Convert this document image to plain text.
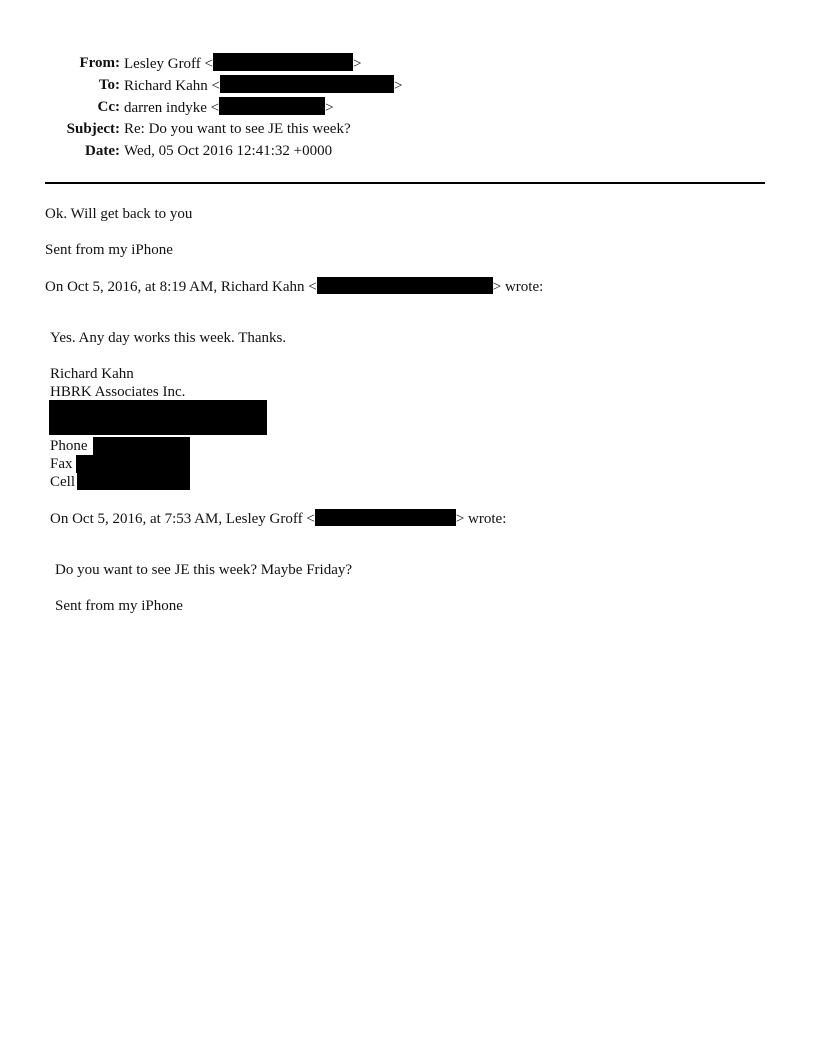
From: Lesley Groff <	>
To: Richard Kahn <	>
Cc: darren indyke <	>
Subject: Re: Do you want to see JE this week?
Date: Wed, 05 Oct 2016 12:41:32 +0000
Ok. Will get back to you
Sent from my iPhone
On Oct 5, 2016, at 8:19 AM, Richard Kahn <	> wrote:
Yes. Any day works this week. Thanks.
Richard Kahn
HBRK Associates Inc.
Phone
Fax
Cell
On Oct 5, 2016, at 7:53 AM, Lesley Groff <	> wrote:
Do you want to see JE this week? Maybe Friday?
Sent from my iPhone
